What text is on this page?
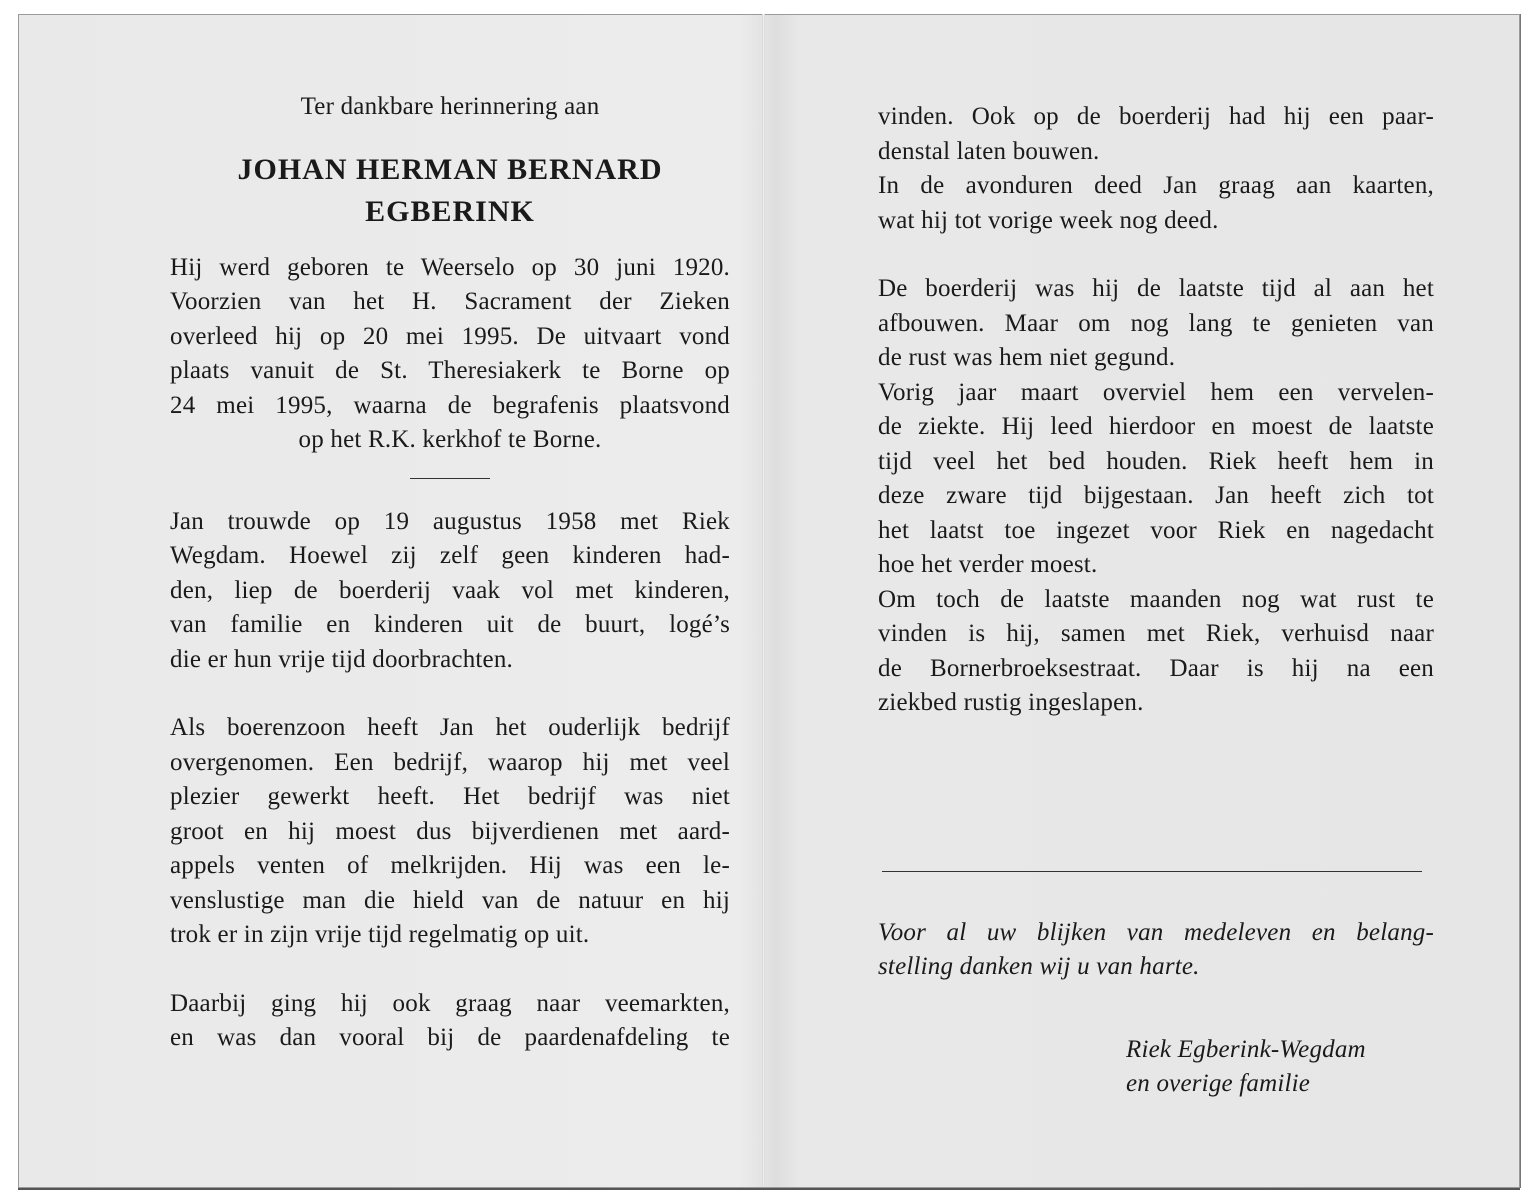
Ter dankbare herinnering aan

JOHAN HERMAN BERNARD
EGBERINK
Hij werd geboren te Weerselo op 30 juni 1920.
Voorzien van het H. Sacrament der Zieken
overleed hij op 20 mei 1995. De uitvaart vond
plaats vanuit de St. Theresiakerk te Borne op
24 mei 1995, waarna de begrafenis plaatsvond
op het R.K. kerkhof te Borne.
Jan trouwde op 19 augustus 1958 met Riek
Wegdam. Hoewel zij zelf geen kinderen had-
den, liep de boerderij vaak vol met kinderen,
van familie en kinderen uit de buurt, logé’s
die er hun vrije tijd doorbrachten.
Als boerenzoon heeft Jan het ouderlijk bedrijf
overgenomen. Een bedrijf, waarop hij met veel
plezier gewerkt heeft. Het bedrijf was niet
groot en hij moest dus bijverdienen met aard-
appels venten of melkrijden. Hij was een le-
venslustige man die hield van de natuur en hij
trok er in zijn vrije tijd regelmatig op uit.
Daarbij ging hij ook graag naar veemarkten,
en was dan vooral bij de paardenafdeling te
vinden. Ook op de boerderij had hij een paar-
denstal laten bouwen.
In de avonduren deed Jan graag aan kaarten,
wat hij tot vorige week nog deed.
De boerderij was hij de laatste tijd al aan het
afbouwen. Maar om nog lang te genieten van
de rust was hem niet gegund.
Vorig jaar maart overviel hem een vervelen-
de ziekte. Hij leed hierdoor en moest de laatste
tijd veel het bed houden. Riek heeft hem in
deze zware tijd bijgestaan. Jan heeft zich tot
het laatst toe ingezet voor Riek en nagedacht
hoe het verder moest.
Om toch de laatste maanden nog wat rust te
vinden is hij, samen met Riek, verhuisd naar
de Bornerbroeksestraat. Daar is hij na een
ziekbed rustig ingeslapen.
Voor al uw blijken van medeleven en belang-
stelling danken wij u van harte.
Riek Egberink-Wegdam
en overige familie
